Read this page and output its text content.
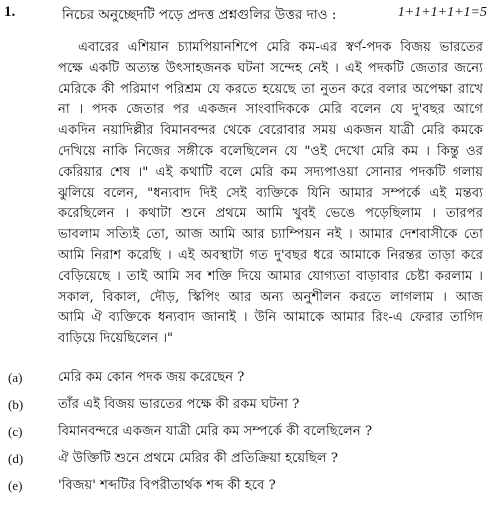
1.	নিচের অনুচ্ছেদটি পড়ে প্রদত্ত প্রশ্নগুলির উত্তর দাও :	1+1+1+1+1=5
এবারের এশিয়ান চ্যামপিয়ানশিপে মেরি কম-এর স্বর্ণ-পদক বিজয় ভারতের
পক্ষে একটি অত্যন্ত উৎসাহজনক ঘটনা সন্দেহ নেই । এই পদকটি জেতার জন্যে
মেরিকে কী পরিমাণ পরিশ্রম যে করতে হয়েছে তা নুতন করে বলার অপেক্ষা রাখে
না । পদক জেতার পর একজন সাংবাদিককে মেরি বলেন যে দু'বছর আগে
একদিন নয়াদিল্লীর বিমানবন্দর থেকে বেরোবার সময় একজন যাত্রী মেরি কমকে
দেখিয়ে নাকি নিজের সঙ্গীকে বলেছিলেন যে "ওই দেখো মেরি কম । কিন্তু ওর
কেরিয়ার শেষ ।" এই কথাটি বলে মেরি কম সদ্যপাওয়া সোনার পদকটি গলায়
ঝুলিয়ে বলেন, "ধন্যবাদ দিই সেই ব্যক্তিকে যিনি আমার সম্পর্কে এই মন্তব্য
করেছিলেন । কথাটা শুনে প্রথমে আমি খুবই ভেঙে পড়েছিলাম । তারপর
ভাবলাম সত্যিই তো, আজ আমি আর চ্যাম্পিয়ন নই । আমার দেশবাসীকে তো
আমি নিরাশ করেছি । এই অবস্থাটা গত দু'বছর ধরে আমাকে নিরন্তর তাড়া করে
বেড়িয়েছে । তাই আমি সব শক্তি দিয়ে আমার যোগ্যতা বাড়াবার চেষ্টা করলাম ।
সকাল, বিকাল, দৌড়, স্কিপিং আর অন্য অনুশীলন করতে লাগলাম । আজ
আমি ঐ ব্যক্তিকে ধন্যবাদ জানাই । উনি আমাকে আমার রিং-এ ফেরার তাগিদ
বাড়িয়ে দিয়েছিলেন ।"
(a)	মেরি কম কোন পদক জয় করেছেন ?
(b)	তাঁর এই বিজয় ভারতের পক্ষে কী রকম ঘটনা ?
(c)	বিমানবন্দরে একজন যাত্রী মেরি কম সম্পর্কে কী বলেছিলেন ?
(d)	ঐ উক্তিটি শুনে প্রথমে মেরির কী প্রতিক্রিয়া হয়েছিল ?
(e)	'বিজয়' শব্দটির বিপরীতার্থক শব্দ কী হবে ?
